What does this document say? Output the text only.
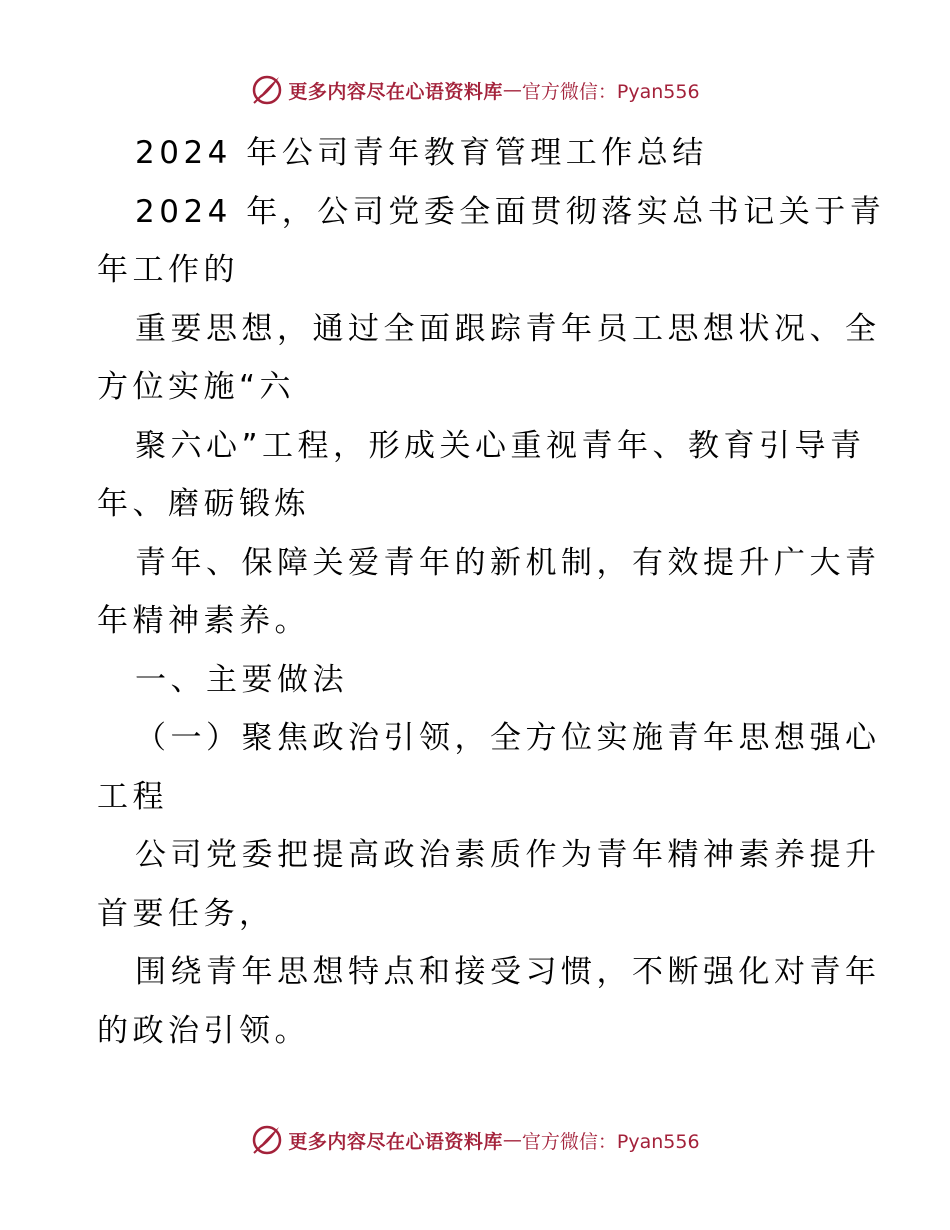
更多内容尽在心语资料库 — 官方微信：Pyan556
2024 年公司青年教育管理工作总结
2024 年，公司党委全面贯彻落实总书记关于青
年工作的
重要思想，通过全面跟踪青年员工思想状况、全
方位实施“六
聚六心”工程，形成关心重视青年、教育引导青
年、磨砺锻炼
青年、保障关爱青年的新机制，有效提升广大青
年精神素养。
一、主要做法
（一）聚焦政治引领，全方位实施青年思想强心
工程
公司党委把提高政治素质作为青年精神素养提升
首要任务，
围绕青年思想特点和接受习惯，不断强化对青年
的政治引领。
更多内容尽在心语资料库 — 官方微信：Pyan556
